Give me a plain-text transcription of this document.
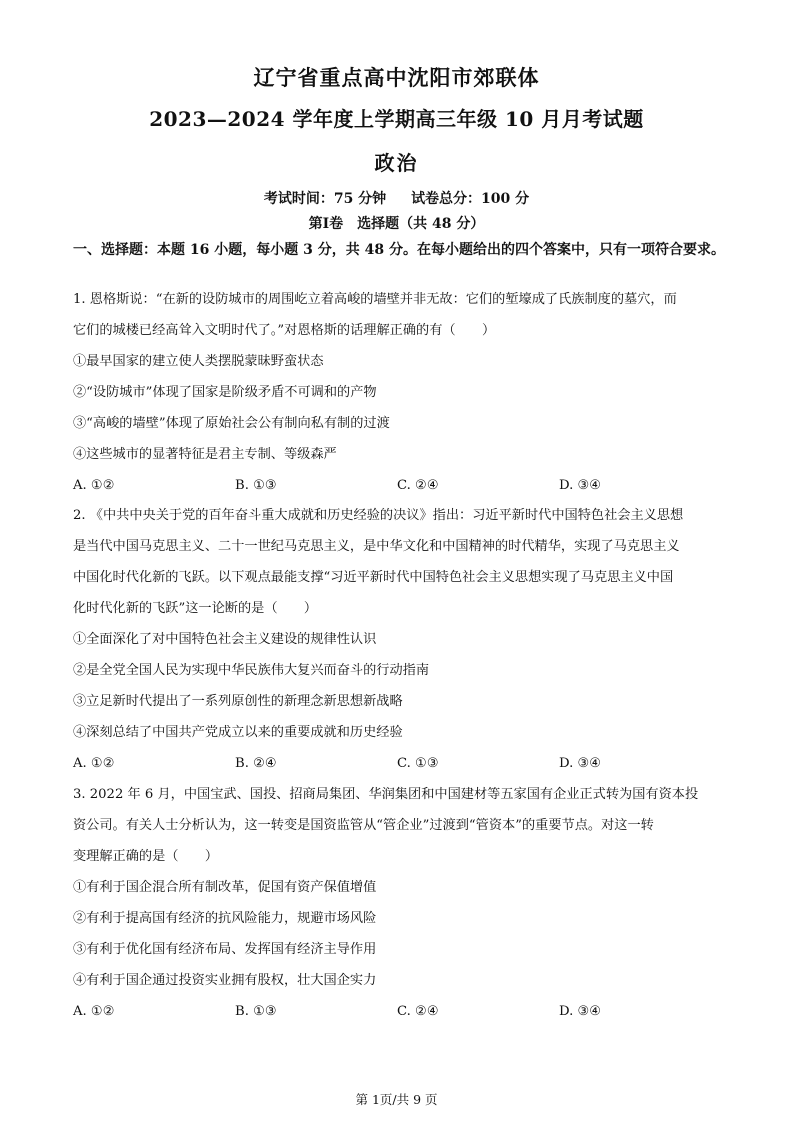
辽宁省重点高中沈阳市郊联体
2023—2024 学年度上学期高三年级 10 月月考试题
政治
考试时间：75 分钟 试卷总分：100 分
第Ⅰ卷　选择题（共 48 分）
一、选择题：本题 16 小题，每小题 3 分，共 48 分。在每小题给出的四个答案中，只有一项符合要求。

1. 恩格斯说：“在新的设防城市的周围屹立着高峻的墙壁并非无故：它们的堑壕成了氏族制度的墓穴，而

它们的城楼已经高耸入文明时代了。”对恩格斯的话理解正确的有（　　）

①最早国家的建立使人类摆脱蒙昧野蛮状态

②“设防城市”体现了国家是阶级矛盾不可调和的产物

③“高峻的墙壁”体现了原始社会公有制向私有制的过渡

④这些城市的显著特征是君主专制、等级森严

A. ①②	B. ①③	C. ②④	D. ③④

2. 《中共中央关于党的百年奋斗重大成就和历史经验的决议》指出：习近平新时代中国特色社会主义思想

是当代中国马克思主义、二十一世纪马克思主义，是中华文化和中国精神的时代精华，实现了马克思主义

中国化时代化新的飞跃。以下观点最能支撑“习近平新时代中国特色社会主义思想实现了马克思主义中国

化时代化新的飞跃”这一论断的是（　　）

①全面深化了对中国特色社会主义建设的规律性认识

②是全党全国人民为实现中华民族伟大复兴而奋斗的行动指南

③立足新时代提出了一系列原创性的新理念新思想新战略

④深刻总结了中国共产党成立以来的重要成就和历史经验

A. ①②	B. ②④	C. ①③	D. ③④

3. 2022 年 6 月，中国宝武、国投、招商局集团、华润集团和中国建材等五家国有企业正式转为国有资本投

资公司。有关人士分析认为，这一转变是国资监管从“管企业”过渡到“管资本”的重要节点。对这一转

变理解正确的是（　　）

①有利于国企混合所有制改革，促国有资产保值增值

②有利于提高国有经济的抗风险能力，规避市场风险

③有利于优化国有经济布局、发挥国有经济主导作用

④有利于国企通过投资实业拥有股权，壮大国企实力

A. ①②	B. ①③	C. ②④	D. ③④
第 1页/共 9 页
